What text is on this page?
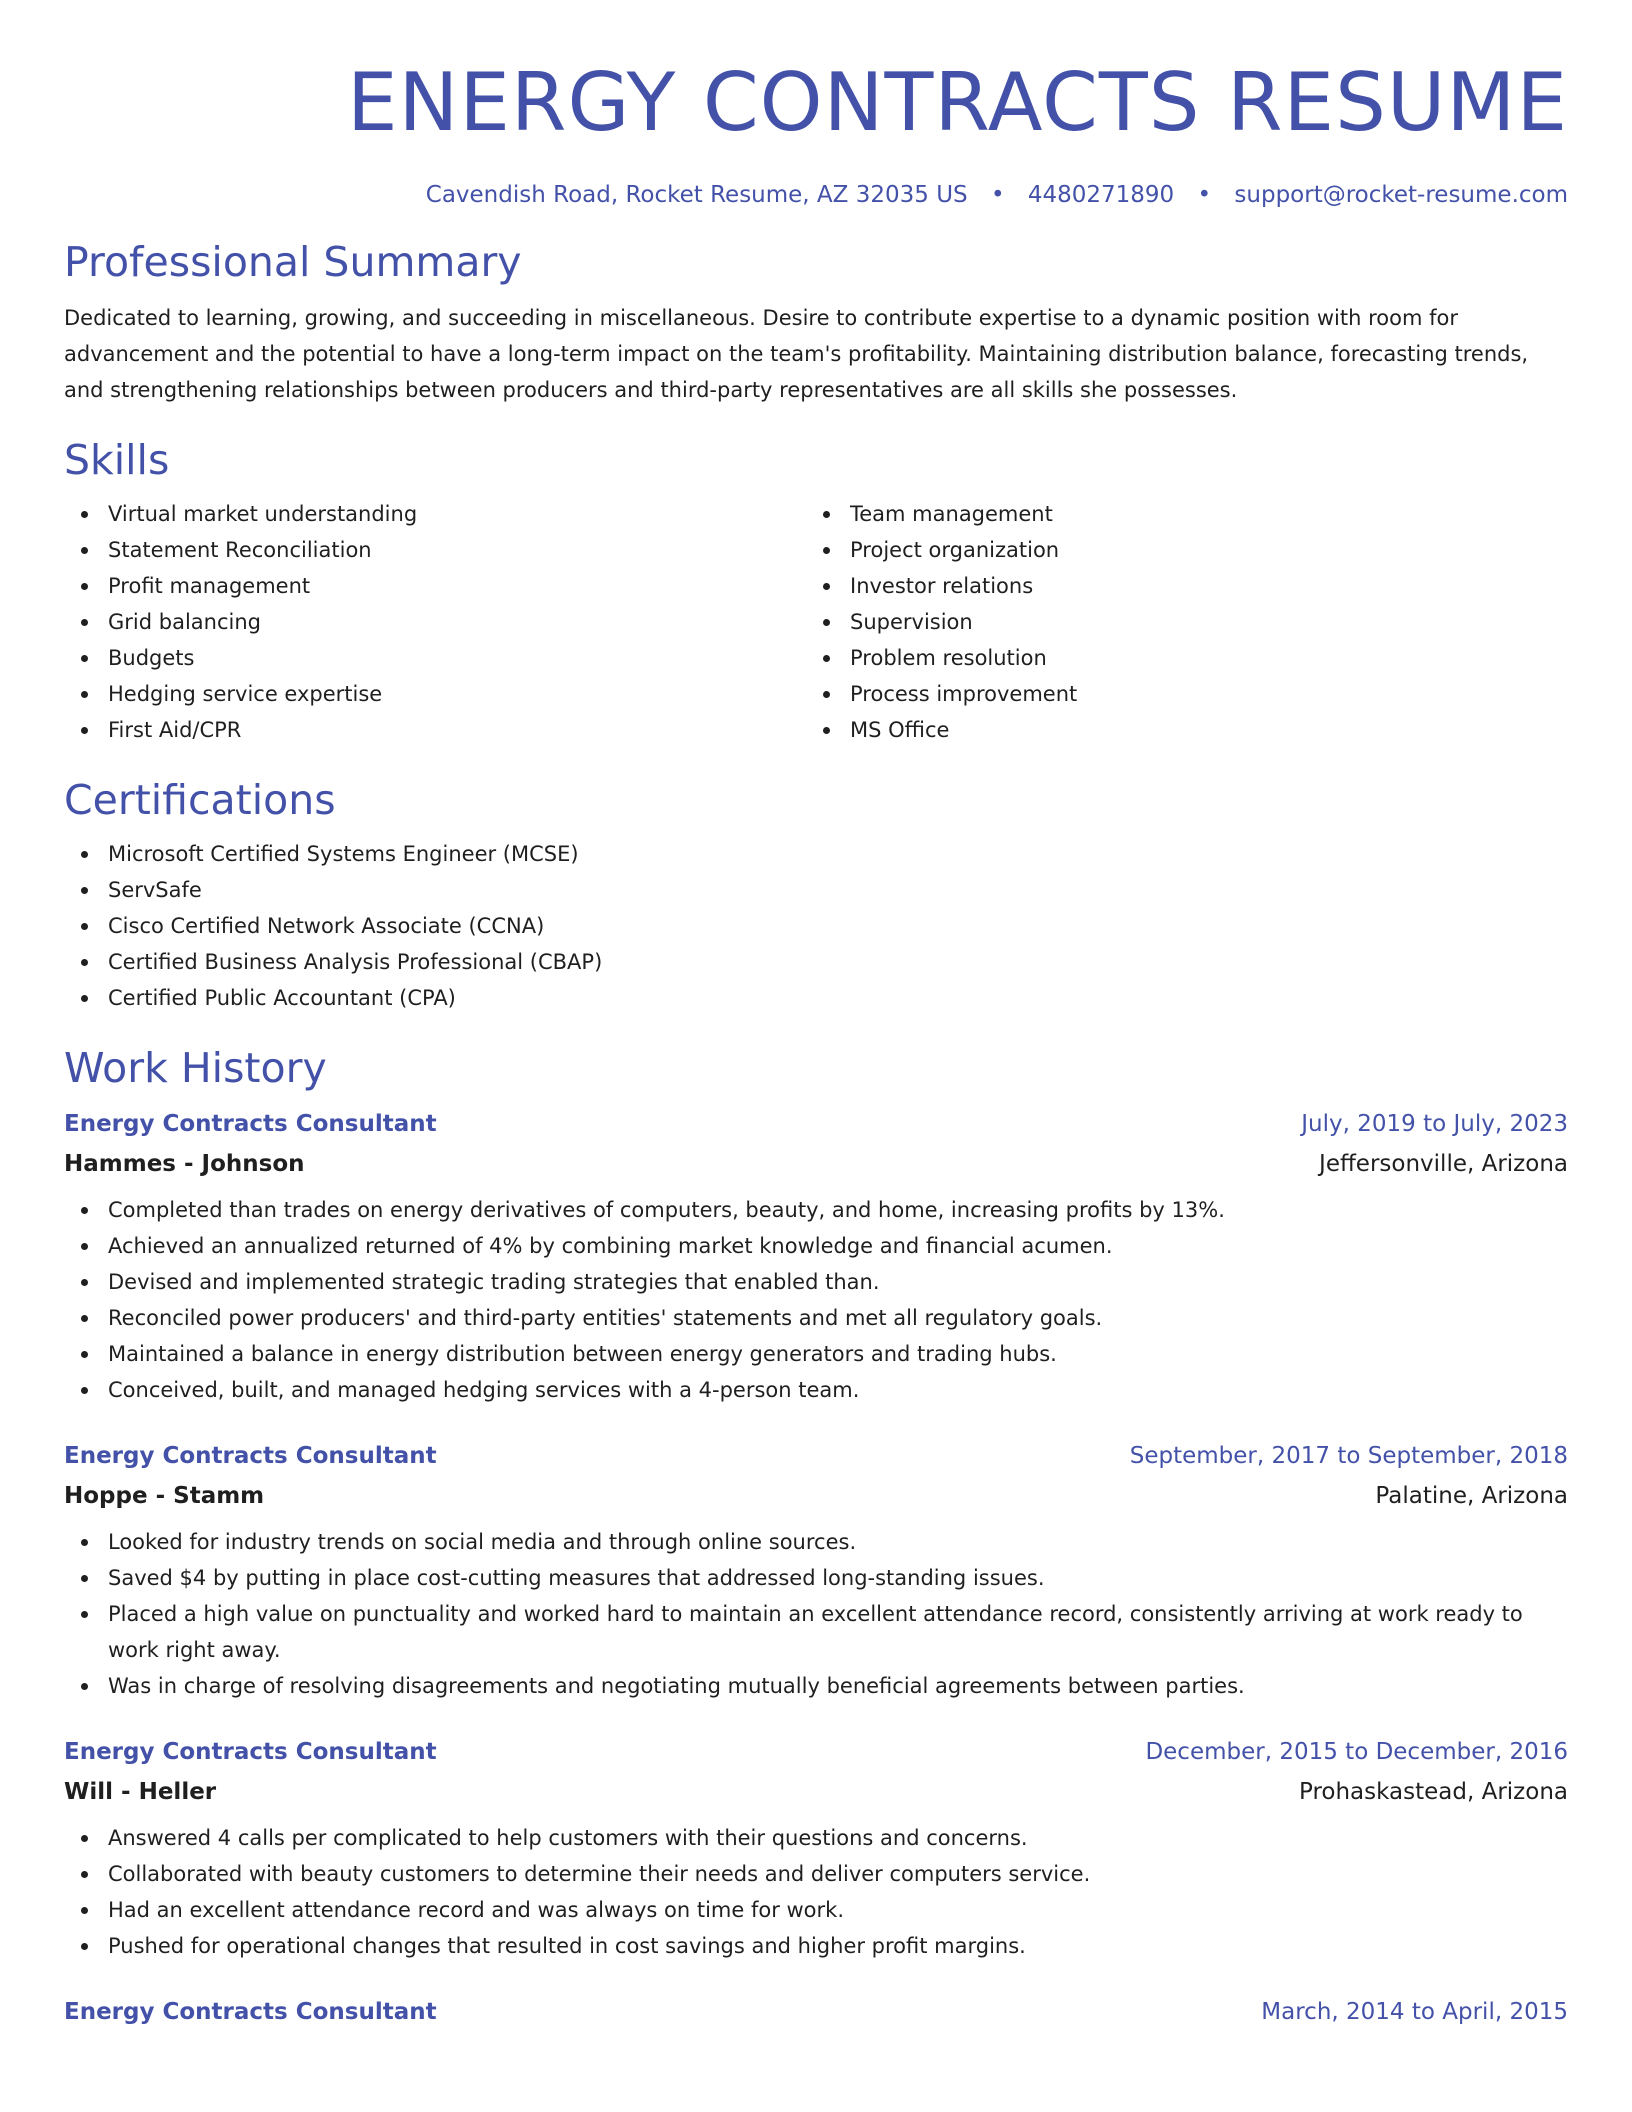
ENERGY CONTRACTS RESUME
Cavendish Road, Rocket Resume, AZ 32035 US • 4480271890 • support@rocket-resume.com
Professional Summary

Dedicated to learning, growing, and succeeding in miscellaneous. Desire to contribute expertise to a dynamic position with room for advancement and the potential to have a long-term impact on the team's profitability. Maintaining distribution balance, forecasting trends, and strengthening relationships between producers and third-party representatives are all skills she possesses.

Skills
Virtual market understanding
Statement Reconciliation
Profit management
Grid balancing
Budgets
Hedging service expertise
First Aid/CPR
Team management
Project organization
Investor relations
Supervision
Problem resolution
Process improvement
MS Office
Certifications
Microsoft Certified Systems Engineer (MCSE)
ServSafe
Cisco Certified Network Associate (CCNA)
Certified Business Analysis Professional (CBAP)
Certified Public Accountant (CPA)
Work History
Energy Contracts Consultant	July, 2019 to July, 2023
Hammes - Johnson	Jeffersonville, Arizona
Completed than trades on energy derivatives of computers, beauty, and home, increasing profits by 13%.
Achieved an annualized returned of 4% by combining market knowledge and financial acumen.
Devised and implemented strategic trading strategies that enabled than.
Reconciled power producers' and third-party entities' statements and met all regulatory goals.
Maintained a balance in energy distribution between energy generators and trading hubs.
Conceived, built, and managed hedging services with a 4-person team.
Energy Contracts Consultant	September, 2017 to September, 2018
Hoppe - Stamm	Palatine, Arizona
Looked for industry trends on social media and through online sources.
Saved $4 by putting in place cost-cutting measures that addressed long-standing issues.
Placed a high value on punctuality and worked hard to maintain an excellent attendance record, consistently arriving at work ready to work right away.
Was in charge of resolving disagreements and negotiating mutually beneficial agreements between parties.
Energy Contracts Consultant	December, 2015 to December, 2016
Will - Heller	Prohaskastead, Arizona
Answered 4 calls per complicated to help customers with their questions and concerns.
Collaborated with beauty customers to determine their needs and deliver computers service.
Had an excellent attendance record and was always on time for work.
Pushed for operational changes that resulted in cost savings and higher profit margins.
Energy Contracts Consultant	March, 2014 to April, 2015
